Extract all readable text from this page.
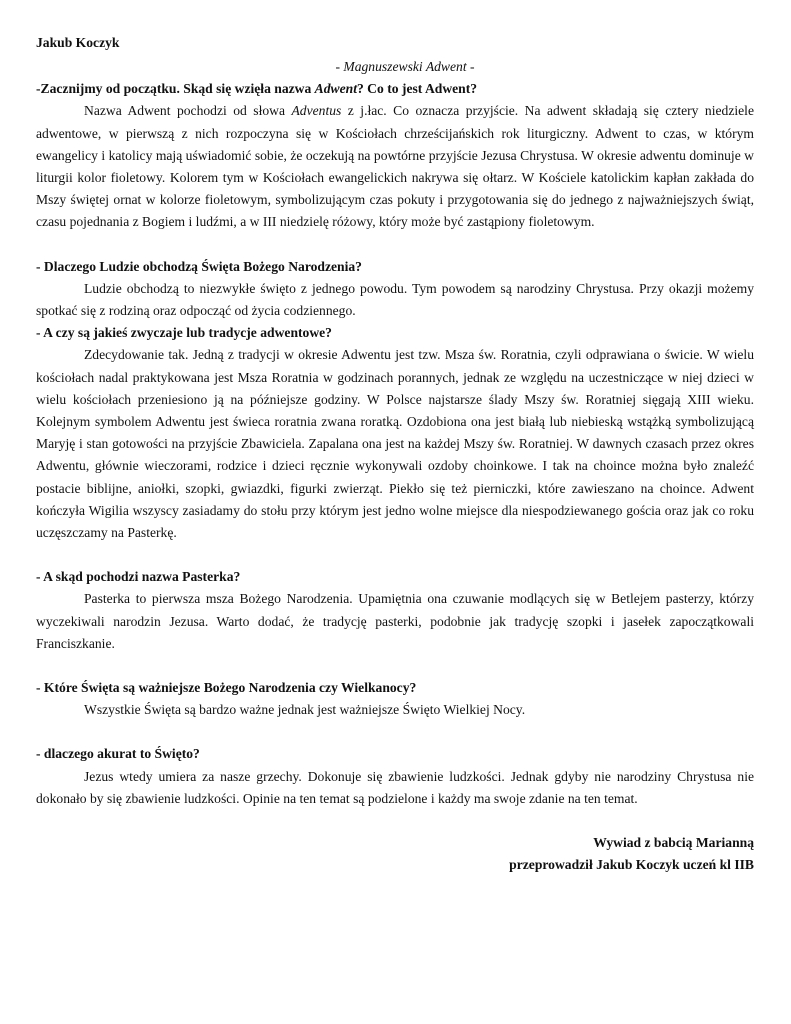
Jakub Koczyk

- Magnuszewski Adwent -

-Zacznijmy od początku. Skąd się wzięła nazwa Adwent? Co to jest Adwent?

Nazwa Adwent pochodzi od słowa Adventus z j.łac. Co oznacza przyjście. Na adwent składają się cztery niedziele adwentowe, w pierwszą z nich rozpoczyna się w Kościołach chrześcijańskich rok liturgiczny. Adwent to czas, w którym ewangelicy i katolicy mają uświadomić sobie, że oczekują na powtórne przyjście Jezusa Chrystusa. W okresie adwentu dominuje w liturgii kolor fioletowy. Kolorem tym w Kościołach ewangelickich nakrywa się ołtarz. W Kościele katolickim kapłan zakłada do Mszy świętej ornat w kolorze fioletowym, symbolizującym czas pokuty i przygotowania się do jednego z najważniejszych świąt, czasu pojednania z Bogiem i ludźmi, a w III niedzielę różowy, który może być zastąpiony fioletowym.

- Dlaczego Ludzie obchodzą Święta Bożego Narodzenia?

Ludzie obchodzą to niezwykłe święto z jednego powodu. Tym powodem są narodziny Chrystusa. Przy okazji możemy spotkać się z rodziną oraz odpocząć od życia codziennego.

- A czy są jakieś zwyczaje lub tradycje adwentowe?

Zdecydowanie tak. Jedną z tradycji w okresie Adwentu jest tzw. Msza św. Roratnia, czyli odprawiana o świcie. W wielu kościołach nadal praktykowana jest Msza Roratnia w godzinach porannych, jednak ze względu na uczestniczące w niej dzieci w wielu kościołach przeniesiono ją na późniejsze godziny. W Polsce najstarsze ślady Mszy św. Roratniej sięgają XIII wieku. Kolejnym symbolem Adwentu jest świeca roratnia zwana roratką. Ozdobiona ona jest białą lub niebieską wstążką symbolizującą Maryję i stan gotowości na przyjście Zbawiciela. Zapalana ona jest na każdej Mszy św. Roratniej. W dawnych czasach przez okres Adwentu, głównie wieczorami, rodzice i dzieci ręcznie wykonywali ozdoby choinkowe. I tak na choince można było znaleźć postacie biblijne, aniołki, szopki, gwiazdki, figurki zwierząt. Piekło się też pierniczki, które zawieszano na choince. Adwent kończyła Wigilia wszyscy zasiadamy do stołu przy którym jest jedno wolne miejsce dla niespodziewanego gościa oraz jak co roku uczęszczamy na Pasterkę.

- A skąd pochodzi nazwa Pasterka?

Pasterka to pierwsza msza Bożego Narodzenia. Upamiętnia ona czuwanie modlących się w Betlejem pasterzy, którzy wyczekiwali narodzin Jezusa. Warto dodać, że tradycję pasterki, podobnie jak tradycję szopki i jasełek zapoczątkowali Franciszkanie.

- Które Święta są ważniejsze Bożego Narodzenia czy Wielkanocy?

Wszystkie Święta są bardzo ważne jednak jest ważniejsze Święto Wielkiej Nocy.

- dlaczego akurat to Święto?

Jezus wtedy umiera za nasze grzechy. Dokonuje się zbawienie ludzkości. Jednak gdyby nie narodziny Chrystusa nie dokonało by się zbawienie ludzkości. Opinie na ten temat są podzielone i każdy ma swoje zdanie na ten temat.

Wywiad z babcią Marianną

przeprowadził Jakub Koczyk uczeń kl IIB
